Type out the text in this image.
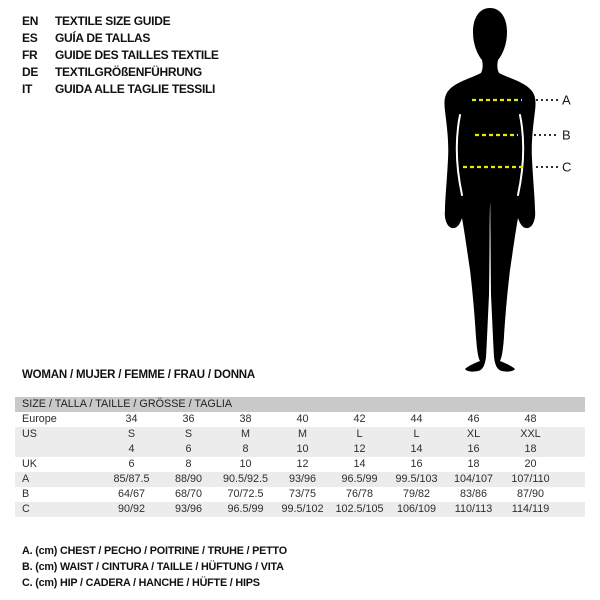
EN	TEXTILE SIZE GUIDE
ES	GUÍA DE TALLAS
FR	GUIDE DES TAILLES TEXTILE
DE	TEXTILGRÖßENFÜHRUNG
IT	GUIDA ALLE TAGLIE TESSILI
A
B
C
WOMAN / MUJER / FEMME / FRAU / DONNA
SIZE / TALLA / TAILLE / GRÖSSE / TAGLIA									
Europe	34	36	38	40	42	44	46	48	
US	S	S	M	M	L	L	XL	XXL	
	4	6	8	10	12	14	16	18	
UK	6	8	10	12	14	16	18	20	
A	85/87.5	88/90	90.5/92.5	93/96	96.5/99	99.5/103	104/107	107/110	
B	64/67	68/70	70/72.5	73/75	76/78	79/82	83/86	87/90	
C	90/92	93/96	96.5/99	99.5/102	102.5/105	106/109	110/113	114/119	
A. (cm) CHEST / PECHO / POITRINE / TRUHE / PETTO
B. (cm) WAIST / CINTURA / TAILLE / HÜFTUNG / VITA
C. (cm) HIP / CADERA / HANCHE / HÜFTE / HIPS
